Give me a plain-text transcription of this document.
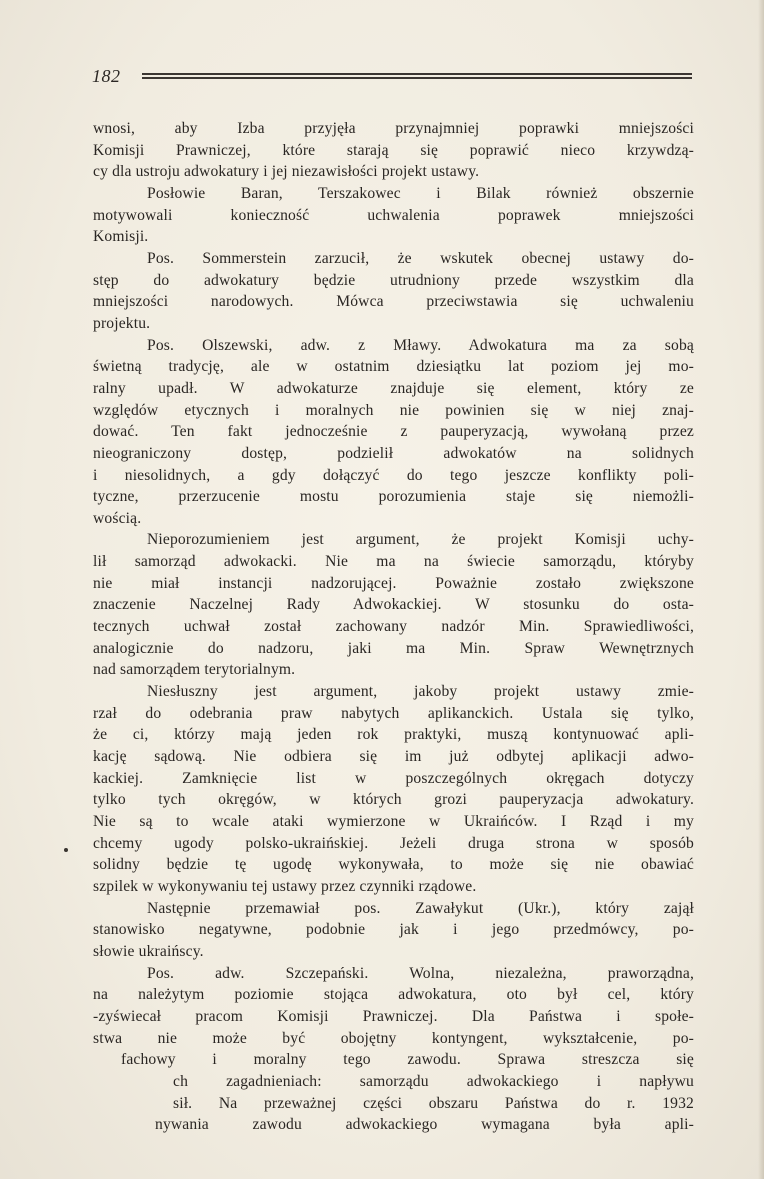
182

wnosi, aby Izba przyjęła przynajmniej poprawki mniejszości
Komisji Prawniczej, które starają się poprawić nieco krzywdzą-
cy dla ustroju adwokatury i jej niezawisłości projekt ustawy.

Posłowie Baran, Terszakowec i Bilak również obszernie
motywowali konieczność uchwalenia poprawek mniejszości
Komisji.

Pos. Sommerstein zarzucił, że wskutek obecnej ustawy do-
stęp do adwokatury będzie utrudniony przede wszystkim dla
mniejszości narodowych. Mówca przeciwstawia się uchwaleniu
projektu.

Pos. Olszewski, adw. z Mławy. Adwokatura ma za sobą
świetną tradycję, ale w ostatnim dziesiątku lat poziom jej mo-
ralny upadł. W adwokaturze znajduje się element, który ze
względów etycznych i moralnych nie powinien się w niej znaj-
dować. Ten fakt jednocześnie z pauperyzacją, wywołaną przez
nieograniczony dostęp, podzielił adwokatów na solidnych
i niesolidnych, a gdy dołączyć do tego jeszcze konflikty poli-
tyczne, przerzucenie mostu porozumienia staje się niemożli-
wością.

Nieporozumieniem jest argument, że projekt Komisji uchy-
lił samorząd adwokacki. Nie ma na świecie samorządu, któryby
nie miał instancji nadzorującej. Poważnie zostało zwiększone
znaczenie Naczelnej Rady Adwokackiej. W stosunku do osta-
tecznych uchwał został zachowany nadzór Min. Sprawiedliwości,
analogicznie do nadzoru, jaki ma Min. Spraw Wewnętrznych
nad samorządem terytorialnym.

Niesłuszny jest argument, jakoby projekt ustawy zmie-
rzał do odebrania praw nabytych aplikanckich. Ustala się tylko,
że ci, którzy mają jeden rok praktyki, muszą kontynuować apli-
kację sądową. Nie odbiera się im już odbytej aplikacji adwo-
kackiej. Zamknięcie list w poszczególnych okręgach dotyczy
tylko tych okręgów, w których grozi pauperyzacja adwokatury.
Nie są to wcale ataki wymierzone w Ukraińców. I Rząd i my
chcemy ugody polsko-ukraińskiej. Jeżeli druga strona w sposób
solidny będzie tę ugodę wykonywała, to może się nie obawiać
szpilek w wykonywaniu tej ustawy przez czynniki rządowe.

Następnie przemawiał pos. Zawałykut (Ukr.), który zajął
stanowisko negatywne, podobnie jak i jego przedmówcy, po-
słowie ukraińscy.

Pos. adw. Szczepański. Wolna, niezależna, praworządna,
na należytym poziomie stojąca adwokatura, oto był cel, który
-zyświecał pracom Komisji Prawniczej. Dla Państwa i społe-
stwa nie może być obojętny kontyngent, wykształcenie, po-
fachowy i moralny tego zawodu. Sprawa streszcza się
ch zagadnieniach: samorządu adwokackiego i napływu
sił. Na przeważnej części obszaru Państwa do r. 1932
nywania zawodu adwokackiego wymagana była apli-
